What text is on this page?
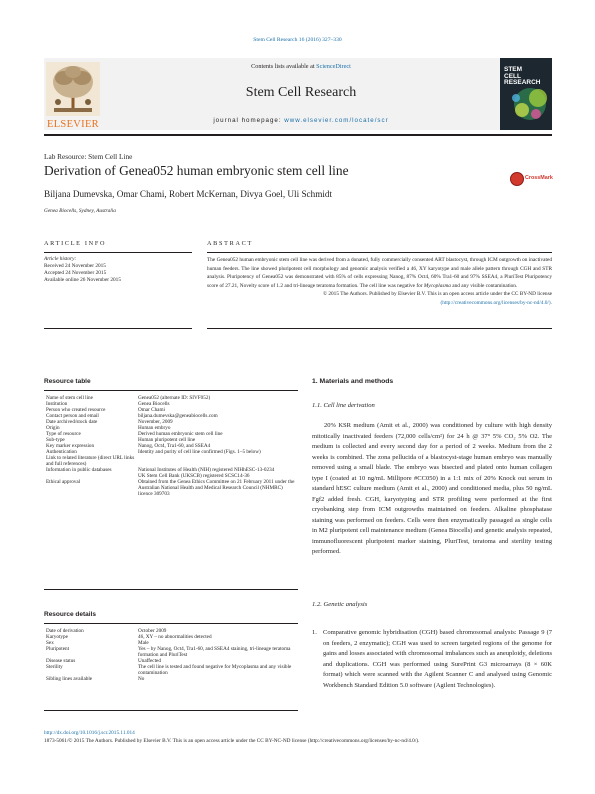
Stem Cell Research 16 (2016) 327–330
ELSEVIER
Contents lists available at ScienceDirect
Stem Cell Research
journal homepage: www.elsevier.com/locate/scr
STEM
CELL
RESEARCH
Lab Resource: Stem Cell Line
Derivation of Genea052 human embryonic stem cell line
Biljana Dumevska, Omar Chami, Robert McKernan, Divya Goel, Uli Schmidt
Genea Biocells, Sydney, Australia
CrossMark
ARTICLE INFO	ABSTRACT
Article history:
Received 24 November 2015
Accepted 24 November 2015
Available online 26 November 2015
The Genea052 human embryonic stem cell line was derived from a donated, fully commercially consented ART blastocyst, through ICM outgrowth on inactivated human feeders. The line showed pluripotent cell morphology and genomic analysis verified a 46, XY karyotype and male allele pattern through CGH and STR analysis. Pluripotency of Genea052 was demonstrated with 85% of cells expressing Nanog, 87% Oct4, 60% Tra1-60 and 97% SSEA4, a PluriTest Pluripotency score of 27.21, Novelty score of 1.2 and tri-lineage teratoma formation. The cell line was negative for Mycoplasma and any visible contamination.
© 2015 The Authors. Published by Elsevier B.V. This is an open access article under the CC BY-ND license
(http://creativecommons.org/licenses/by-nc-nd/4.0/).
Resource table
Name of stem cell line	Genea052 (alternate ID: SIVF052)
Institution	Genea Biocells
Person who created resource	Omar Chami
Contact person and email	biljana.dumevska@geneabiocells.com
Date archived/stock date	November, 2009
Origin	Human embryo
Type of resource	Derived human embryonic stem cell line
Sub-type	Human pluripotent cell line
Key marker expression	Nanog, Oct4, Tra1-60, and SSEA4
Authentication	Identity and purity of cell line confirmed (Figs. 1–5 below)
Link to related literature (direct URL links and full references)
Information in public databases	National Institutes of Health (NIH) registered NIHhESC-13-0234
UK Stem Cell Bank (UKSCB) registered SCSC14-36
Ethical approval	Obtained from the Genea Ethics Committee on 21 February 2011 under the Australian National Health and Medical Research Council (NHMRC) licence 309703
Resource details
Date of derivation	October 2009
Karyotype	46, XY – no abnormalities detected
Sex	Male
Pluripotent	Yes – by Nanog, Oct4, Tra1-60, and SSEA4 staining, tri-lineage teratoma formation and PluriTest
Disease status	Unaffected
Sterility	The cell line is tested and found negative for Mycoplasma and any visible contamination
Sibling lines available	No
1. Materials and methods
1.1. Cell line derivation
20% KSR medium (Amit et al., 2000) was conditioned by culture with high density mitotically inactivated feeders (72,000 cells/cm²) for 24 h @ 37° 5% CO₂ 5% O2. The medium is collected and every second day for a period of 2 weeks. Medium from the 2 weeks is combined. The zona pellucida of a blastocyst-stage human embryo was manually removed using a small blade. The embryo was bisected and plated onto human collagen type I (coated at 10 ng/mL Millipore #CC050) in a 1:1 mix of 20% Knock out serum in standard hESC culture medium (Amit et al., 2000) and conditioned media, plus 50 ng/mL Fgf2 added fresh. CGH, karyotyping and STR profiling were performed at the first cryobanking step from ICM outgrowths maintained on feeders. Alkaline phosphatase staining was performed on feeders. Cells were then enzymatically passaged as single cells in M2 pluripotent cell maintenance medium (Genea Biocells) and genetic analysis repeated, immunofluorescent pluripotent marker staining, PluriTest, teratoma and sterility testing performed.
1.2. Genetic analysis
1. Comparative genomic hybridisation (CGH) based chromosomal analysis: Passage 9 (7 on feeders, 2 enzymatic); CGH was used to screen targeted regions of the genome for gains and losses associated with chromosomal imbalances such as aneuploidy, deletions and duplications. CGH was performed using SurePrint G3 microarrays (8 × 60K format) which were scanned with the Agilent Scanner C and analysed using Genomic Workbench Standard Edition 5.0 software (Agilent Technologies).
http://dx.doi.org/10.1016/j.scr.2015.11.014
1873-5061/© 2015 The Authors. Published by Elsevier B.V. This is an open access article under the CC BY-NC-ND license (http://creativecommons.org/licenses/by-nc-nd/4.0/).
